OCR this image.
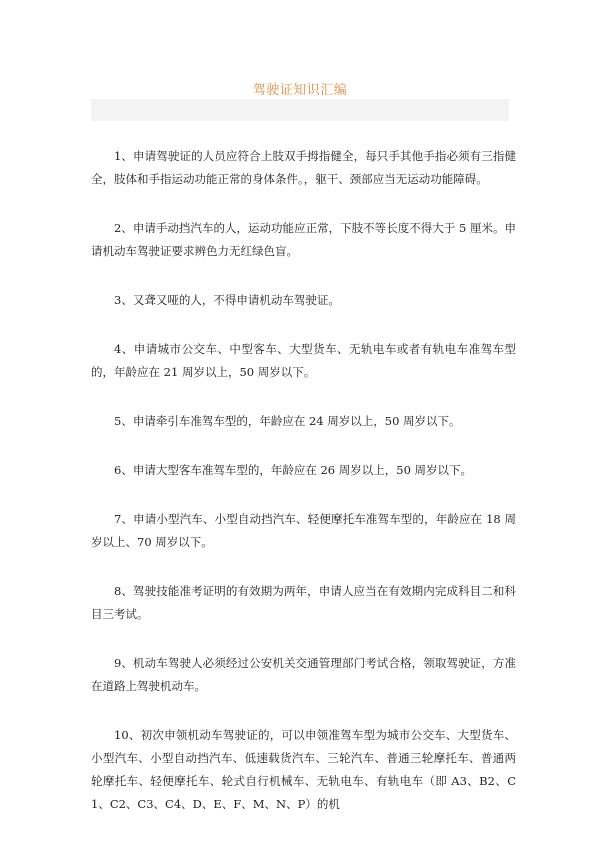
驾驶证知识汇编

1、申请驾驶证的人员应符合上肢双手拇指健全，每只手其他手指必须有三指健全，肢体和手指运动功能正常的身体条件。，躯干、颈部应当无运动功能障碍。

2、申请手动挡汽车的人，运动功能应正常，下肢不等长度不得大于 5 厘米。申请机动车驾驶证要求辨色力无红绿色盲。

3、又聋又哑的人，不得申请机动车驾驶证。

4、申请城市公交车、中型客车、大型货车、无轨电车或者有轨电车准驾车型的，年龄应在 21 周岁以上，50 周岁以下。

5、申请牵引车准驾车型的，年龄应在 24 周岁以上，50 周岁以下。

6、申请大型客车准驾车型的，年龄应在 26 周岁以上，50 周岁以下。

7、申请小型汽车、小型自动挡汽车、轻便摩托车准驾车型的，年龄应在 18 周岁以上、70 周岁以下。

8、驾驶技能准考证明的有效期为两年，申请人应当在有效期内完成科目二和科目三考试。

9、机动车驾驶人必须经过公安机关交通管理部门考试合格，领取驾驶证，方准在道路上驾驶机动车。

10、初次申领机动车驾驶证的，可以申领准驾车型为城市公交车、大型货车、小型汽车、小型自动挡汽车、低速载货汽车、三轮汽车、普通三轮摩托车、普通两轮摩托车、轻便摩托车、轮式自行机械车、无轨电车、有轨电车（即 A3、B2、C1、C2、C3、C4、D、E、F、M、N、P）的机
